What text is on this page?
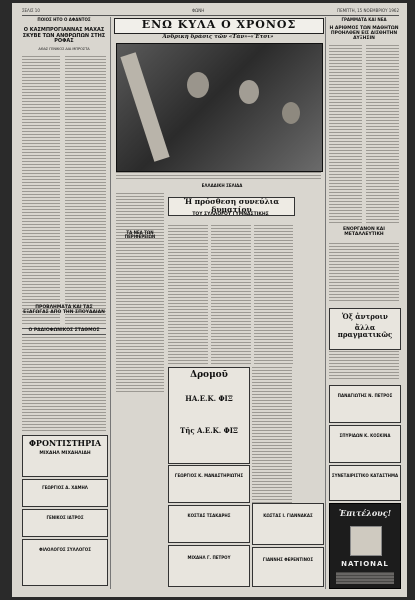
ΣΕΛΙΣ 10	ΦΩΝΗ	ΠΕΜΠΤΗ, 15 ΝΟΕΜΒΡΙΟΥ 1962
ΠΟΙΟΣ ΗΤΟ Ο ΑΦΑΝΤΟΣ
Ο ΚΑΣΜΠΡΟΓΙΑΝΝΑΣ ΜΑΧΑΣ ΣΚΥΒΕ ΤΩΝ ΑΝΘΡΩΠΩΝ ΣΤΗΣ ΡΟΦΑΣ
ΑΘΑΣ ΓΕΝΙΚΟΣ ΔΙΑ ΜΠΡΟΣΤΑ
ΠΡΟΒΛΗΜΑΤΑ ΚΑΙ ΤΑΣ ΕΞΑΓΩΓΑΣ ΑΠΟ ΤΗΝ ΣΠΟΥΔΑΙΑΝ
Ο ΡΑΔΙΟΦΩΝΙΚΟΣ ΣΤΑΘΜΟΣ
ΦΡΟΝΤΙΣΤΗΡΙΑ
ΜΙΧΑΗΛ ΜΙΧΑΗΛΙΔΗ
ΓΕΩΡΓΙΟΣ Α. ΧΑΜΗΛ
ΓΕΝΙΚΟΣ ΙΑΤΡΟΣ
ΦΙΛΟΛΟΓΟΣ ΣΥΛΛΟΓΟΣ
ΕΝΩ ΚΥΛΑ Ο ΧΡΟΝΟΣ
Ἀνδρικὴ δράσις τῶν «Τὰν»-«Ἔτσι»
ΕΛΛΑΔΙΚΗ ΣΕΛΙΔΑ
ΤΑ ΝΕΑ ΤΩΝ ΠΕΡΙΦΕΡΕΙΩΝ
Ἡ πρόσθεση συνεύλια δυματίου
ΤΟΥ ΣΥΛΛΟΓΟΥ ΓΥΜΝΑΣΤΙΚΗΣ
Δρομοῦ
ΗΑ.Ε.Κ. ΦΙΞ
Τῆς Α.Ε.Κ. ΦΙΞ
ΓΕΩΡΓΙΟΣ Κ. ΜΑΝΑΣΤΗΡΙΩΤΗΣ
ΚΟΣΤΑΣ ΤΣΑΚΑΡΗΣ
ΜΙΧΑΗΛ Γ. ΠΕΤΡΟΥ
ΚΩΣΤΑΣ Ι. ΓΙΑΝΝΑΚΑΣ
ΓΙΑΝΝΗΣ ΦΕΡΕΝΤΙΝΟΣ
ΓΡΑΜΜΑΤΑ ΚΑΙ ΝΕΑ
Η ΑΡΙΘΜΟΣ ΤΩΝ ΜΑΘΗΤΩΝ ΠΡΟΗΛΘΕΝ ΕΙΣ ΑΙΣΘΗΤΗΝ ΑΥΞΗΣΙΝ
ΕΝΟΡΓΑΝΟΝ ΚΑΙ ΜΕΤΑΛΛΕΥΤΙΚΗ
Ὁξ ἀντροιν
ἄλλα πραγματικῶς
ΠΑΝΑΓΙΩΤΗΣ Ν. ΠΕΤΡΟΣ
ΣΠΥΡΙΔΩΝ Κ. ΚΟΣΚΙΝΑ
ΣΥΝΕΤΑΙΡΙΣΤΙΚΟ ΚΑΤΑΣΤΗΜΑ
Ἐπιτέλους!
NATIONAL
